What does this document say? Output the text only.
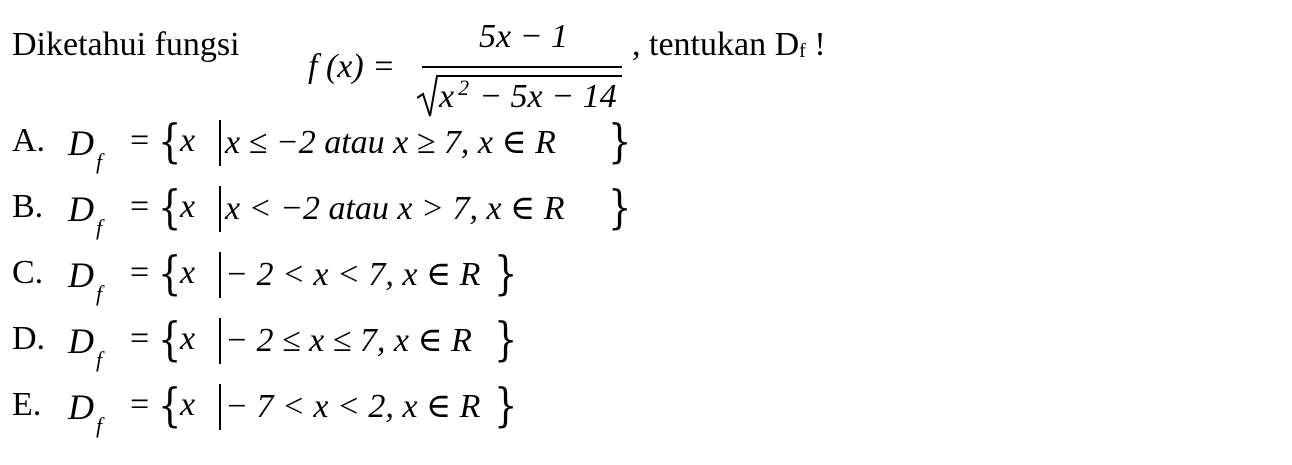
Diketahui fungsi
f (x) =
5x − 1
x $^2$ − 5x − 14
, tentukan $D_f$ !
A. $D_f$
= {
x x ≤ −2 atau x ≥ 7, x ∈ R }
B. $D_f$
= {
x x < −2 atau x > 7, x ∈ R }
C. $D_f$
= {
x − 2 < x < 7, x ∈ R }
D. $D_f$
= {
x − 2 ≤ x ≤ 7, x ∈ R }
E. $D_f$
= {
x − 7 < x < 2, x ∈ R }
